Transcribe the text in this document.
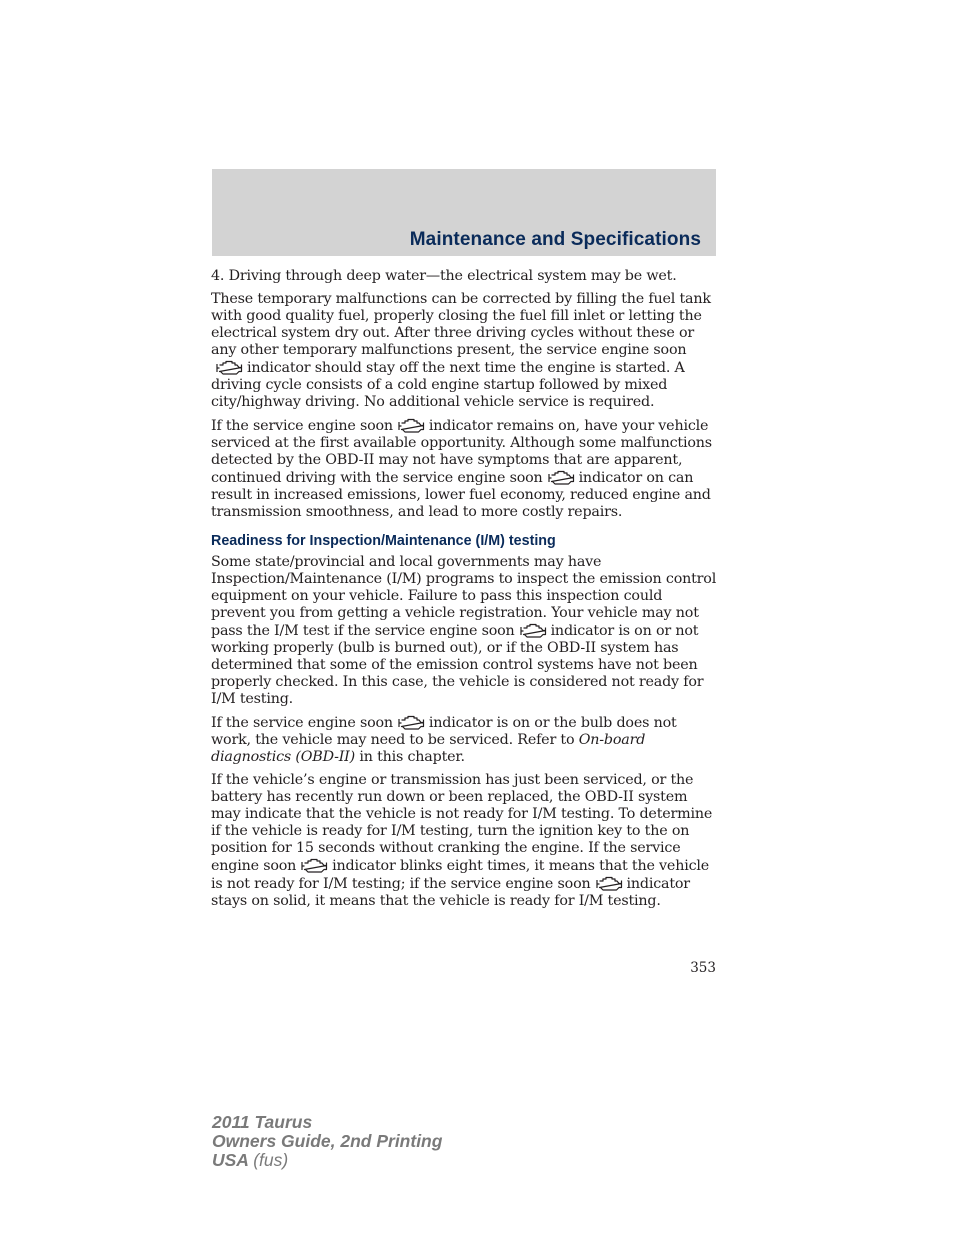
Maintenance and Specifications

4. Driving through deep water—the electrical system may be wet.

These temporary malfunctions can be corrected by filling the fuel tank with good quality fuel, properly closing the fuel fill inlet or letting the electrical system dry out. After three driving cycles without these or any other temporary malfunctions present, the service engine soon
indicator should stay off the next time the engine is started. A driving cycle consists of a cold engine startup followed by mixed city/highway driving. No additional vehicle service is required.

If the service engine soon	indicator remains on, have your vehicle serviced at the first available opportunity. Although some malfunctions detected by the OBD-II may not have symptoms that are apparent, continued driving with the service engine soon	indicator on can result in increased emissions, lower fuel economy, reduced engine and transmission smoothness, and lead to more costly repairs.

Readiness for Inspection/Maintenance (I/M) testing

Some state/provincial and local governments may have Inspection/Maintenance (I/M) programs to inspect the emission control equipment on your vehicle. Failure to pass this inspection could prevent you from getting a vehicle registration. Your vehicle may not pass the I/M test if the service engine soon	indicator is on or not working properly (bulb is burned out), or if the OBD-II system has determined that some of the emission control systems have not been properly checked. In this case, the vehicle is considered not ready for I/M testing.

If the service engine soon	indicator is on or the bulb does not work, the vehicle may need to be serviced. Refer to On-board diagnostics (OBD-II) in this chapter.

If the vehicle’s engine or transmission has just been serviced, or the battery has recently run down or been replaced, the OBD-II system may indicate that the vehicle is not ready for I/M testing. To determine if the vehicle is ready for I/M testing, turn the ignition key to the on position for 15 seconds without cranking the engine. If the service engine soon	indicator blinks eight times, it means that the vehicle is not ready for I/M testing; if the service engine soon	indicator stays on solid, it means that the vehicle is ready for I/M testing.

353
2011 Taurus
Owners Guide, 2nd Printing
USA (fus)
